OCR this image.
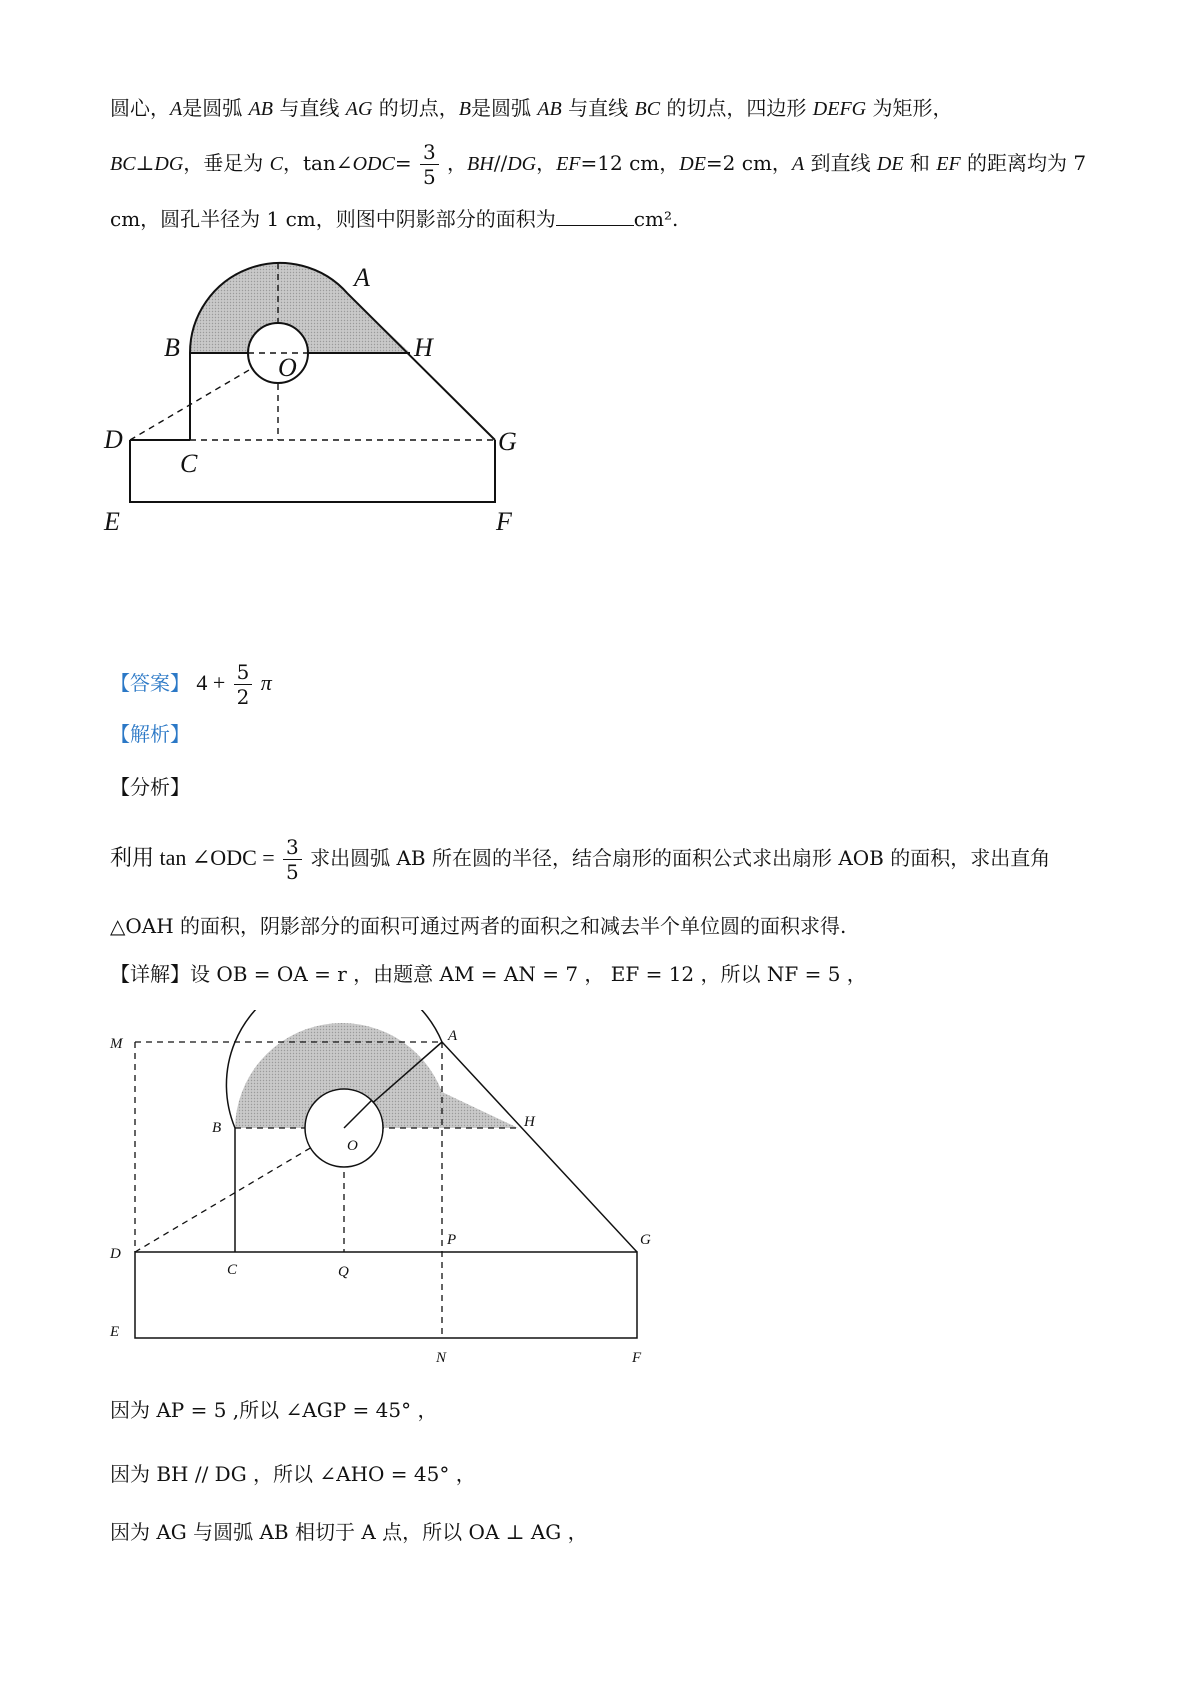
圆心，A是圆弧 AB 与直线 AG 的切点，B是圆弧 AB 与直线 BC 的切点，四边形 DEFG 为矩形，
BC⊥DG，垂足为 C，tan∠ODC= $\frac{3}{5}$ ，BH//DG，EF=12 cm，DE=2 cm，A 到直线 DE 和 EF 的距离均为 7
cm，圆孔半径为 1 cm，则图中阴影部分的面积为	cm².
A
B	H
O
D
C
G
E	F
【答案】 $4 + \frac{5}{2}$ π
【解析】
【分析】
利用 tan ∠ODC = $\frac{3}{5}$ 求出圆弧 AB 所在圆的半径，结合扇形的面积公式求出扇形 AOB 的面积，求出直角
△OAH 的面积，阴影部分的面积可通过两者的面积之和减去半个单位圆的面积求得.
【详解】设 OB = OA = r ，由题意 AM = AN = 7 ， EF = 12 ，所以 NF = 5 ，
M	A
B	H
O
P	G
D
C	Q
E
N	F
因为 AP = 5 ,所以 ∠AGP = 45° ，
因为 BH // DG ，所以 ∠AHO = 45° ，
因为 AG 与圆弧 AB 相切于 A 点，所以 OA ⊥ AG ，
